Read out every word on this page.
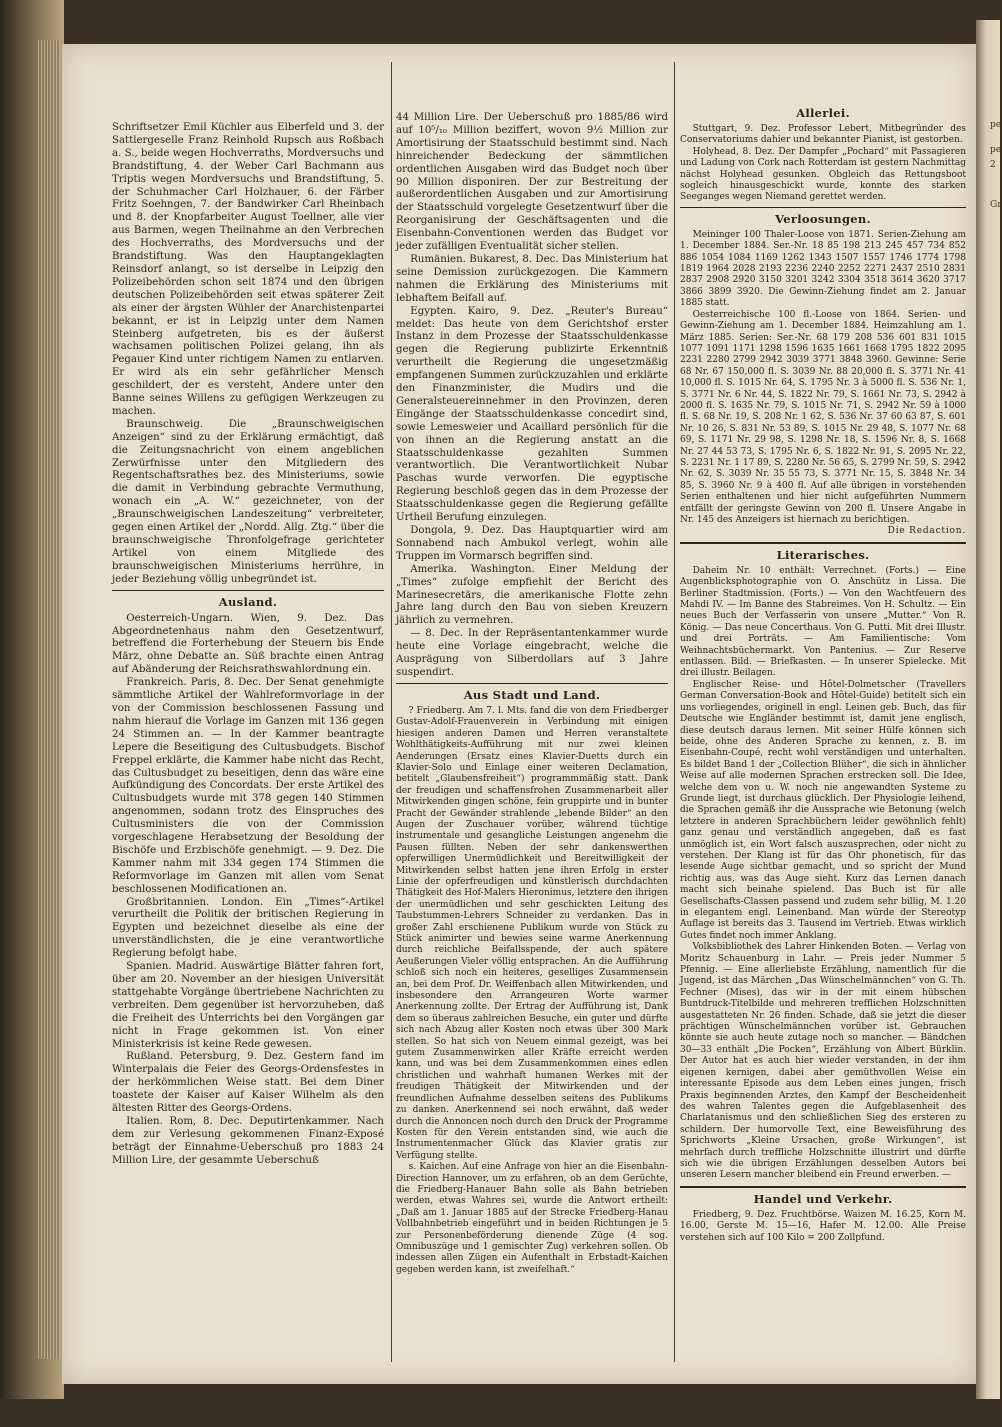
pe
pe
2
Gr

Schriftsetzer Emil Küchler aus Elberfeld und 3. der Sattlergeselle Franz Reinhold Rupsch aus Roßbach a. S., beide wegen Hochverraths, Mordversuchs und Brandstiftung, 4. der Weber Carl Bachmann aus Triptis wegen Mordversuchs und Brandstiftung, 5. der Schuhmacher Carl Holzhauer, 6. der Färber Fritz Soehngen, 7. der Bandwirker Carl Rheinbach und 8. der Knopfarbeiter August Toellner, alle vier aus Barmen, wegen Theilnahme an den Verbrechen des Hochverraths, des Mordversuchs und der Brandstiftung. Was den Hauptangeklagten Reinsdorf anlangt, so ist derselbe in Leipzig den Polizeibehörden schon seit 1874 und den übrigen deutschen Polizeibehörden seit etwas späterer Zeit als einer der ärgsten Wühler der Anarchistenpartei bekannt, er ist in Leipzig unter dem Namen Steinberg aufgetreten, bis es der äußerst wachsamen politischen Polizei gelang, ihn als Pegauer Kind unter richtigem Namen zu entlarven. Er wird als ein sehr gefährlicher Mensch geschildert, der es versteht, Andere unter den Banne seines Willens zu gefügigen Werkzeugen zu machen.

Braunschweig. Die „Braunschweigischen Anzeigen“ sind zu der Erklärung ermächtigt, daß die Zeitungsnachricht von einem angeblichen Zerwürfnisse unter den Mitgliedern des Regentschaftsrathes bez. des Ministeriums, sowie die damit in Verbindung gebrachte Vermuthung, wonach ein „A. W.“ gezeichneter, von der „Braunschweigischen Landeszeitung“ verbreiteter, gegen einen Artikel der „Nordd. Allg. Ztg.“ über die braunschweigische Thronfolgefrage gerichteter Artikel von einem Mitgliede des braunschweigischen Ministeriums herrühre, in jeder Beziehung völlig unbegründet ist.

Ausland.

Oesterreich-Ungarn. Wien, 9. Dez. Das Abgeordnetenhaus nahm den Gesetzentwurf, betreffend die Forterhebung der Steuern bis Ende März, ohne Debatte an. Süß brachte einen Antrag auf Abänderung der Reichsrathswahlordnung ein.

Frankreich. Paris, 8. Dec. Der Senat genehmigte sämmtliche Artikel der Wahlreformvorlage in der von der Commission beschlossenen Fassung und nahm hierauf die Vorlage im Ganzen mit 136 gegen 24 Stimmen an. — In der Kammer beantragte Lepere die Beseitigung des Cultusbudgets. Bischof Freppel erklärte, die Kammer habe nicht das Recht, das Cultusbudget zu beseitigen, denn das wäre eine Aufkündigung des Concordats. Der erste Artikel des Cultusbudgets wurde mit 378 gegen 140 Stimmen angenommen, sodann trotz des Einspruches des Cultusministers die von der Commission vorgeschlagene Herabsetzung der Besoldung der Bischöfe und Erzbischöfe genehmigt. — 9. Dez. Die Kammer nahm mit 334 gegen 174 Stimmen die Reformvorlage im Ganzen mit allen vom Senat beschlossenen Modificationen an.

Großbritannien. London. Ein „Times“-Artikel verurtheilt die Politik der britischen Regierung in Egypten und bezeichnet dieselbe als eine der unverständlichsten, die je eine verantwortliche Regierung befolgt habe.

Spanien. Madrid. Auswärtige Blätter fahren fort, über am 20. November an der hiesigen Universität stattgehabte Vorgänge übertriebene Nachrichten zu verbreiten. Dem gegenüber ist hervorzuheben, daß die Freiheit des Unterrichts bei den Vorgängen gar nicht in Frage gekommen ist. Von einer Ministerkrisis ist keine Rede gewesen.

Rußland. Petersburg, 9. Dez. Gestern fand im Winterpalais die Feier des Georgs-Ordensfestes in der herkömmlichen Weise statt. Bei dem Diner toastete der Kaiser auf Kaiser Wilhelm als den ältesten Ritter des Georgs-Ordens.

Italien. Rom, 8. Dec. Deputirtenkammer. Nach dem zur Verlesung gekommenen Finanz-Exposé beträgt der Einnahme-Ueberschuß pro 1883 24 Million Lire, der gesammte Ueberschuß

44 Million Lire. Der Ueberschuß pro 1885/86 wird auf 10⁵/₁₀ Million beziffert, wovon 9½ Million zur Amortisirung der Staatsschuld bestimmt sind. Nach hinreichender Bedeckung der sämmtlichen ordentlichen Ausgaben wird das Budget noch über 90 Million disponiren. Der zur Bestreitung der außerordentlichen Ausgaben und zur Amortisirung der Staatsschuld vorgelegte Gesetzentwurf über die Reorganisirung der Geschäftsagenten und die Eisenbahn-Conventionen werden das Budget vor jeder zufälligen Eventualität sicher stellen.

Rumänien. Bukarest, 8. Dec. Das Ministerium hat seine Demission zurückgezogen. Die Kammern nahmen die Erklärung des Ministeriums mit lebhaftem Beifall auf.

Egypten. Kairo, 9. Dez. „Reuter's Bureau“ meldet: Das heute von dem Gerichtshof erster Instanz in dem Prozesse der Staatsschuldenkasse gegen die Regierung publizirte Erkenntniß verurtheilt die Regierung die ungesetzmäßig empfangenen Summen zurückzuzahlen und erklärte den Finanzminister, die Mudirs und die Generalsteuereinnehmer in den Provinzen, deren Eingänge der Staatsschuldenkasse concedirt sind, sowie Lemesweier und Acaillard persönlich für die von ihnen an die Regierung anstatt an die Staatsschuldenkasse gezahlten Summen verantwortlich. Die Verantwortlichkeit Nubar Paschas wurde verworfen. Die egyptische Regierung beschloß gegen das in dem Prozesse der Staatsschuldenkasse gegen die Regierung gefällte Urtheil Berufung einzulegen.

Dongola, 9. Dez. Das Hauptquartier wird am Sonnabend nach Ambukol verlegt, wohin alle Truppen im Vormarsch begriffen sind.

Amerika. Washington. Einer Meldung der „Times“ zufolge empfiehlt der Bericht des Marinesecretärs, die amerikanische Flotte zehn Jahre lang durch den Bau von sieben Kreuzern jährlich zu vermehren.

— 8. Dec. In der Repräsentantenkammer wurde heute eine Vorlage eingebracht, welche die Ausprägung von Silberdollars auf 3 Jahre suspendirt.

Aus Stadt und Land.

? Friedberg. Am 7. l. Mts. fand die von dem Friedberger Gustav-Adolf-Frauenverein in Verbindung mit einigen hiesigen anderen Damen und Herren veranstaltete Wohlthätigkeits-Aufführung mit nur zwei kleinen Aenderungen (Ersatz eines Klavier-Duetts durch ein Klavier-Solo und Einlage einer weiteren Declamation, betitelt „Glaubensfreiheit“) programmmäßig statt. Dank der freudigen und schaffensfrohen Zusammenarbeit aller Mitwirkenden gingen schöne, fein gruppirte und in bunter Pracht der Gewänder strahlende „lebende Bilder“ an den Augen der Zuschauer vorüber, während tüchtige instrumentale und gesangliche Leistungen angenehm die Pausen füllten. Neben der sehr dankenswerthen opferwilligen Unermüdlichkeit und Bereitwilligkeit der Mitwirkenden selbst hatten jene ihren Erfolg in erster Linie der opferfreudigen und künstlerisch durchdachten Thätigkeit des Hof-Malers Hieronimus, letztere den ihrigen der unermüdlichen und sehr geschickten Leitung des Taubstummen-Lehrers Schneider zu verdanken. Das in großer Zahl erschienene Publikum wurde von Stück zu Stück animirter und bewies seine warme Anerkennung durch reichliche Beifallsspende, der auch spätere Aeußerungen Vieler völlig entsprachen. An die Aufführung schloß sich noch ein heiteres, geselliges Zusammensein an, bei dem Prof. Dr. Weiffenbach allen Mitwirkenden, und insbesondere den Arrangeuren Worte warmer Anerkennung zollte. Der Ertrag der Aufführung ist, Dank dem so überaus zahlreichen Besuche, ein guter und dürfte sich nach Abzug aller Kosten noch etwas über 300 Mark stellen. So hat sich von Neuem einmal gezeigt, was bei gutem Zusammenwirken aller Kräfte erreicht werden kann, und was bei dem Zusammenkommen eines edlen christlichen und wahrhaft humanen Werkes mit der freudigen Thätigkeit der Mitwirkenden und der freundlichen Aufnahme desselben seitens des Publikums zu danken. Anerkennend sei noch erwähnt, daß weder durch die Annoncen noch durch den Druck der Programme Kosten für den Verein entstanden sind, wie auch die Instrumentenmacher Glück das Klavier gratis zur Verfügung stellte.

s. Kaichen. Auf eine Anfrage von hier an die Eisenbahn-Direction Hannover, um zu erfahren, ob an dem Gerüchte, die Friedberg-Hanauer Bahn solle als Bahn betrieben werden, etwas Wahres sei, wurde die Antwort ertheilt: „Daß am 1. Januar 1885 auf der Strecke Friedberg-Hanau Vollbahnbetrieb eingeführt und in beiden Richtungen je 5 zur Personenbeförderung dienende Züge (4 sog. Omnibuszüge und 1 gemischter Zug) verkehren sollen. Ob indessen allen Zügen ein Aufenthalt in Erbstadt-Kaichen gegeben werden kann, ist zweifelhaft.“

Allerlei.

Stuttgart, 9. Dez. Professor Lebert, Mitbegründer des Conservatoriums dahier und bekannter Pianist, ist gestorben.

Holyhead, 8. Dez. Der Dampfer „Pochard“ mit Passagieren und Ladung von Cork nach Rotterdam ist gestern Nachmittag nächst Holyhead gesunken. Obgleich das Rettungsboot sogleich hinausgeschickt wurde, konnte des starken Seeganges wegen Niemand gerettet werden.

Verloosungen.

Meininger 100 Thaler-Loose von 1871. Serien-Ziehung am 1. December 1884. Ser.-Nr. 18 85 198 213 245 457 734 852 886 1054 1084 1169 1262 1343 1507 1557 1746 1774 1798 1819 1964 2028 2193 2236 2240 2252 2271 2437 2510 2831 2837 2908 2920 3150 3201 3242 3304 3518 3614 3620 3717 3866 3899 3920. Die Gewinn-Ziehung findet am 2. Januar 1885 statt.

Oesterreichische 100 fl.-Loose von 1864. Serien- und Gewinn-Ziehung am 1. December 1884. Heimzahlung am 1. März 1885. Serien: Ser.-Nr. 68 179 208 536 601 831 1015 1077 1091 1171 1298 1596 1635 1661 1668 1795 1822 2095 2231 2280 2799 2942 3039 3771 3848 3960. Gewinne: Serie 68 Nr. 67 150,000 fl. S. 3039 Nr. 88 20,000 fl. S. 3771 Nr. 41 10,000 fl. S. 1015 Nr. 64, S. 1795 Nr. 3 à 5000 fl. S. 536 Nr. 1, S. 3771 Nr. 6 Nr. 44, S. 1822 Nr. 79, S. 1661 Nr. 73, S. 2942 à 2000 fl. S. 1635 Nr. 79, S. 1015 Nr. 71, S. 2942 Nr. 59 à 1000 fl. S. 68 Nr. 19, S. 208 Nr. 1 62, S. 536 Nr. 37 60 63 87, S. 601 Nr. 10 26, S. 831 Nr. 53 89, S. 1015 Nr. 29 48, S. 1077 Nr. 68 69, S. 1171 Nr. 29 98, S. 1298 Nr. 18, S. 1596 Nr. 8, S. 1668 Nr. 27 44 53 73, S. 1795 Nr. 6, S. 1822 Nr. 91, S. 2095 Nr. 22, S. 2231 Nr. 1 17 89, S. 2280 Nr. 56 65, S. 2799 Nr. 59, S. 2942 Nr. 62, S. 3039 Nr. 35 55 73, S. 3771 Nr. 15, S. 3848 Nr. 34 85, S. 3960 Nr. 9 à 400 fl. Auf alle übrigen in vorstehenden Serien enthaltenen und hier nicht aufgeführten Nummern entfällt der geringste Gewinn von 200 fl. Unsere Angabe in Nr. 145 des Anzeigers ist hiernach zu berichtigen.

Die Redaction.
Literarisches.

Daheim Nr. 10 enthält: Verrechnet. (Forts.) — Eine Augenblicksphotographie von O. Anschütz in Lissa. Die Berliner Stadtmission. (Forts.) — Von den Wachtfeuern des Mahdi IV. — Im Banne des Stabreimes. Von H. Schultz. — Ein neues Buch der Verfasserin von unsere „Mutter.“ Von R. König. — Das neue Concerthaus. Von G. Putti. Mit drei Illustr. und drei Porträts. — Am Familientische: Vom Weihnachtsbüchermarkt. Von Pantenius. — Zur Reserve entlassen. Bild. — Briefkasten. — In unserer Spielecke. Mit drei illustr. Beilagen.

Englischer Reise- und Hôtel-Dolmetscher (Travellers German Conversation-Book and Hôtel-Guide) betitelt sich ein uns vorliegendes, originell in engl. Leinen geb. Buch, das für Deutsche wie Engländer bestimmt ist, damit jene englisch, diese deutsch daraus lernen. Mit seiner Hülfe können sich beide, ohne des Anderen Sprache zu kennen, z. B. im Eisenbahn-Coupé, recht wohl verständigen und unterhalten. Es bildet Band 1 der „Collection Blüher“, die sich in ähnlicher Weise auf alle modernen Sprachen erstrecken soll. Die Idee, welche dem von u. W. noch nie angewandten Systeme zu Grunde liegt, ist durchaus glücklich. Der Physiologie leihend, die Sprachen gemäß ihr die Aussprache wie Betonung (welch letztere in anderen Sprachbüchern leider gewöhnlich fehlt) ganz genau und verständlich angegeben, daß es fast unmöglich ist, ein Wort falsch auszusprechen, oder nicht zu verstehen. Der Klang ist für das Ohr phonetisch, für das lesende Auge sichtbar gemacht, und so spricht der Mund richtig aus, was das Auge sieht. Kurz das Lernen danach macht sich beinahe spielend. Das Buch ist für alle Gesellschafts-Classen passend und zudem sehr billig, M. 1.20 in elegantem engl. Leinenband. Man würde der Stereotyp Auflage ist bereits das 3. Tausend im Vertrieb. Etwas wirklich Gutes findet noch immer Anklang.

Volksbibliothek des Lahrer Hinkenden Boten. — Verlag von Moritz Schauenburg in Lahr. — Preis jeder Nummer 5 Pfennig. — Eine allerliebste Erzählung, namentlich für die Jugend, ist das Märchen „Das Wünschelmännchen“ von G. Th. Fechner (Mises), das wir in der mit einem hübschen Buntdruck-Titelbilde und mehreren trefflichen Holzschnitten ausgestatteten Nr. 26 finden. Schade, daß sie jetzt die dieser prächtigen Wünschelmännchen vorüber ist. Gebrauchen könnte sie auch heute zutage noch so mancher. — Bändchen 30—33 enthält „Die Pocken“, Erzählung von Albert Bürklin. Der Autor hat es auch hier wieder verstanden, in der ihm eigenen kernigen, dabei aber gemüthvollen Weise ein interessante Episode aus dem Leben eines jungen, frisch Praxis beginnenden Arztes, den Kampf der Bescheidenheit des wahren Talentes gegen die Aufgeblasenheit des Charlatanismus und den schließlichen Sieg des ersteren zu schildern. Der humorvolle Text, eine Beweisführung des Sprichworts „Kleine Ursachen, große Wirkungen“, ist mehrfach durch treffliche Holzschnitte illustrirt und dürfte sich wie die übrigen Erzählungen desselben Autors bei unseren Lesern mancher bleibend ein Freund erwerben. —

Handel und Verkehr.

Friedberg, 9. Dez. Fruchtbörse. Waizen M. 16.25, Korn M. 16.00, Gerste M. 15—16, Hafer M. 12.00. Alle Preise verstehen sich auf 100 Kilo = 200 Zollpfund.
